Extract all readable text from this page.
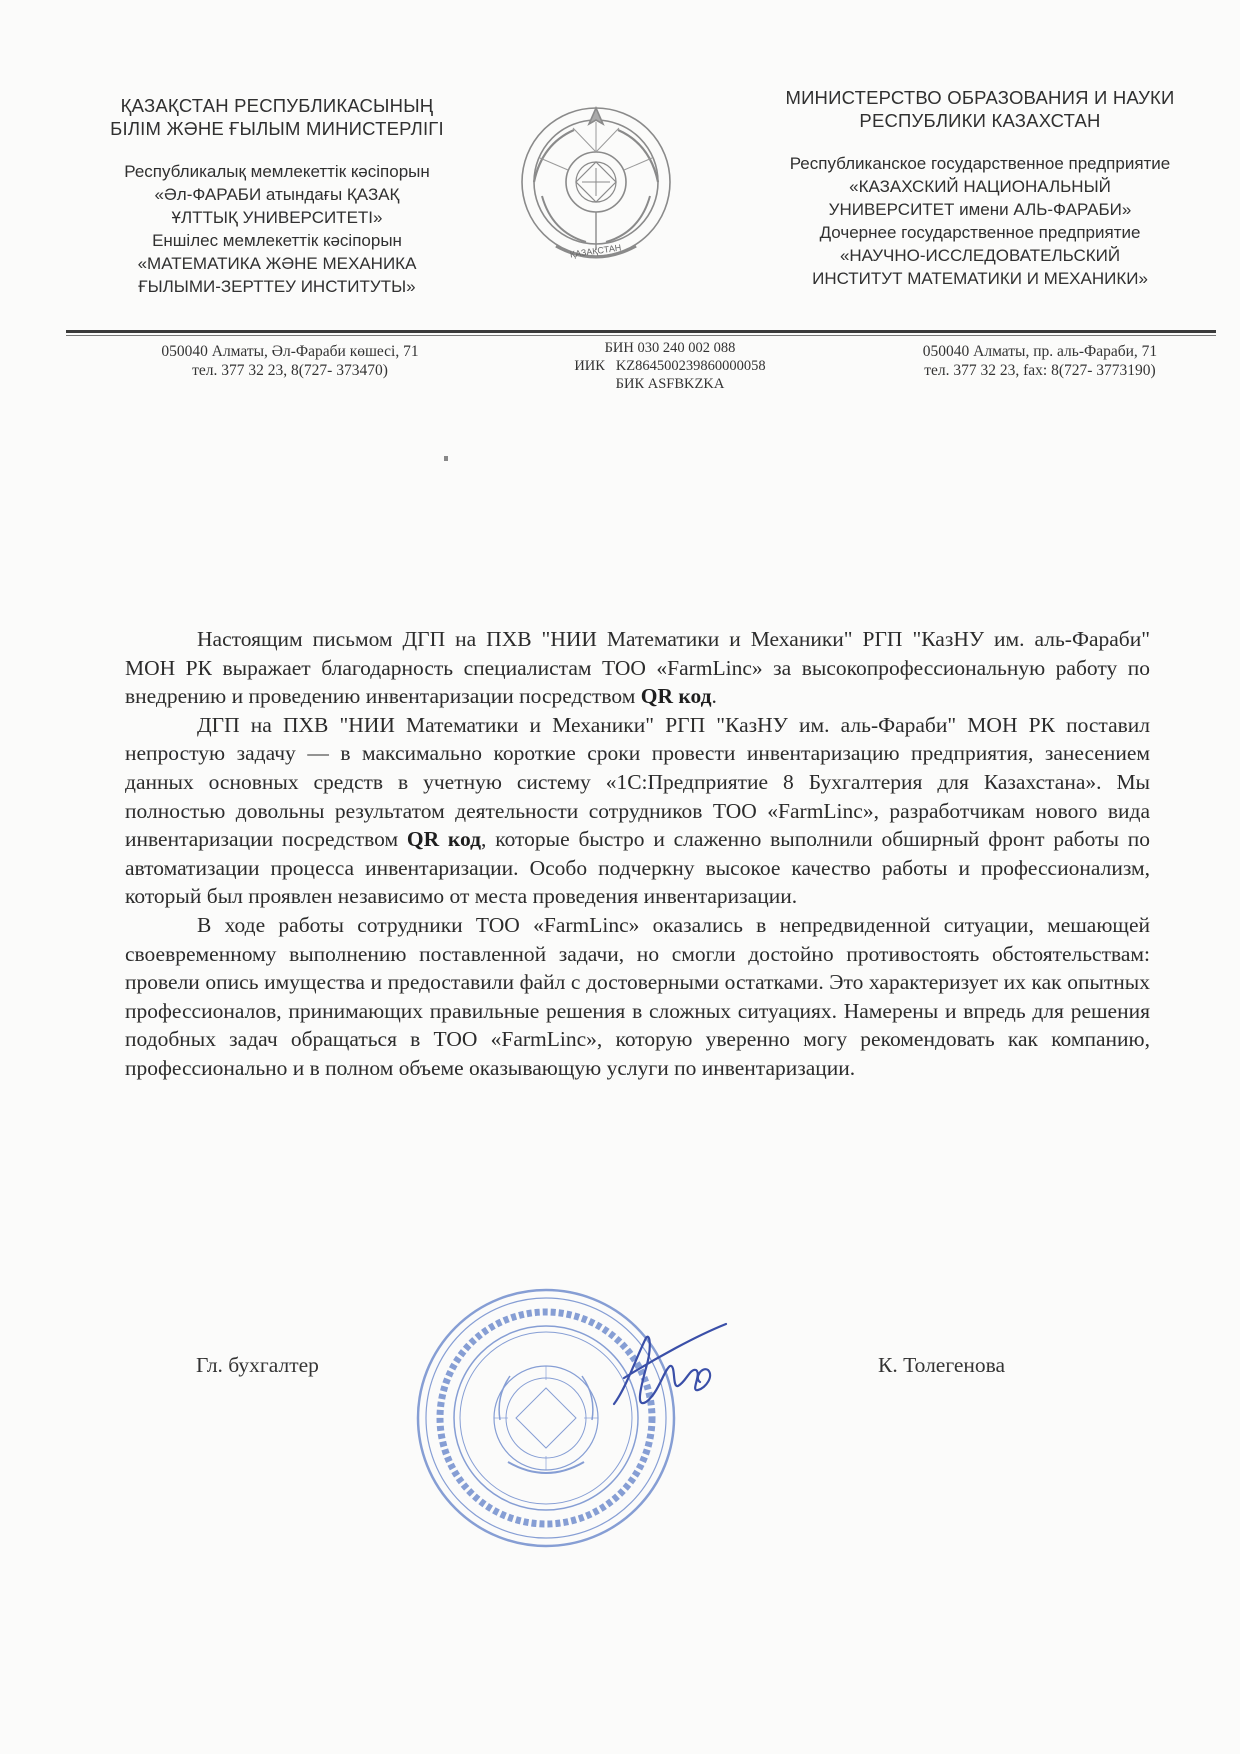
ҚАЗАҚСТАН РЕСПУБЛИКАСЫНЫҢ
БІЛІМ ЖӘНЕ ҒЫЛЫМ МИНИСТЕРЛІГІ
Республикалық мемлекеттік кәсіпорын
«Әл-ФАРАБИ атындағы ҚАЗАҚ
ҰЛТТЫҚ УНИВЕРСИТЕТІ»
Еншілес мемлекеттік кәсіпорын
«МАТЕМАТИКА ЖӘНЕ МЕХАНИКА
ҒЫЛЫМИ-ЗЕРТТЕУ ИНСТИТУТЫ»
ҚАЗАҚСТАН
МИНИСТЕРСТВО ОБРАЗОВАНИЯ И НАУКИ
РЕСПУБЛИКИ КАЗАХСТАН
Республиканское государственное предприятие
«КАЗАХСКИЙ НАЦИОНАЛЬНЫЙ
УНИВЕРСИТЕТ имени АЛЬ-ФАРАБИ»
Дочернее государственное предприятие
«НАУЧНО-ИССЛЕДОВАТЕЛЬСКИЙ
ИНСТИТУТ МАТЕМАТИКИ И МЕХАНИКИ»
050040 Алматы, Әл-Фараби көшесі, 71
тел. 377 32 23, 8(727- 373470)
БИН 030 240 002 088
ИИК   KZ864500239860000058
БИК ASFBKZKA
050040 Алматы, пр. аль-Фараби, 71
тел. 377 32 23, fax: 8(727- 3773190)

Настоящим письмом ДГП на ПХВ "НИИ Математики и Механики" РГП "КазНУ им. аль-Фараби" МОН РК выражает благодарность специалистам ТОО «FarmLinc» за высокопрофессиональную работу по внедрению и проведению инвентаризации посредством QR код.

ДГП на ПХВ "НИИ Математики и Механики" РГП "КазНУ им. аль-Фараби" МОН РК поставил непростую задачу — в максимально короткие сроки провести инвентаризацию предприятия, занесением данных основных средств в учетную систему «1С:Предприятие 8 Бухгалтерия для Казахстана». Мы полностью довольны результатом деятельности сотрудников ТОО «FarmLinc», разработчикам нового вида инвентаризации посредством QR код, которые быстро и слаженно выполнили обширный фронт работы по автоматизации процесса инвентаризации. Особо подчеркну высокое качество работы и профессионализм, который был проявлен независимо от места проведения инвентаризации.

В ходе работы сотрудники ТОО «FarmLinc» оказались в непредвиденной ситуации, мешающей своевременному выполнению поставленной задачи, но смогли достойно противостоять обстоятельствам: провели опись имущества и предоставили файл с достоверными остатками. Это характеризует их как опытных профессионалов, принимающих правильные решения в сложных ситуациях. Намерены и впредь для решения подобных задач обращаться в ТОО «FarmLinc», которую уверенно могу рекомендовать как компанию, профессионально и в полном объеме оказывающую услуги по инвентаризации.

Гл. бухгалтер	К. Толегенова
